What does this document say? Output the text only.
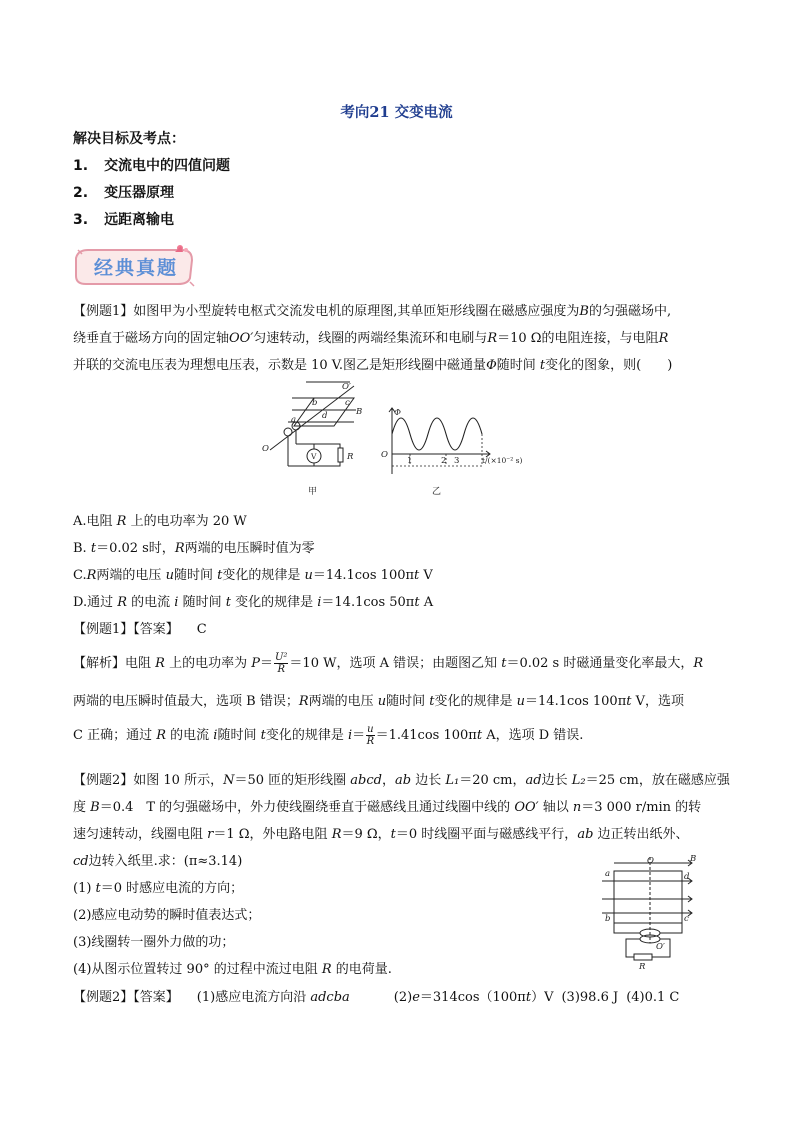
考向21 交变电流
解决目标及考点：
1. 交流电中的四值问题
2. 变压器原理
3. 远距离输电
经典真题
【例题1】如图甲为小型旋转电枢式交流发电机的原理图,其单匝矩形线圈在磁感应强度为B的匀强磁场中,
绕垂直于磁场方向的固定轴OO′匀速转动，线圈的两端经集流环和电刷与R＝10 Ω的电阻连接，与电阻R
并联的交流电压表为理想电压表，示数是 10 V.图乙是矩形线圈中磁通量Φ随时间 t变化的图象，则(　　)
O′
c
b
B
d
a
O
V	R
甲
Φ
O
1	2 3	t/(×10⁻² s)
乙
A.电阻 R 上的电功率为 20 W
B. t＝0.02 s时，R两端的电压瞬时值为零
C.R两端的电压 u随时间 t变化的规律是 u＝14.1cos 100πt V
D.通过 R 的电流 i 随时间 t 变化的规律是 i＝14.1cos 50πt A
【例题1】【答案】 C
【解析】电阻 R 上的电功率为 $P= \frac{\text{U²}}{R} =10$ W，选项 A 错误；由题图乙知 t＝0.02 s 时磁通量变化率最大，R
两端的电压瞬时值最大，选项 B 错误；R两端的电压 u随时间 t变化的规律是 u＝14.1cos 100πt V，选项
C 正确；通过 R 的电流 i随时间 t变化的规律是 $i= \frac{u}{R} =1.41\cos$ 100πt A，选项 D 错误.
【例题2】如图 10 所示，N＝50 匝的矩形线圈 abcd，ab 边长 L₁＝20 cm，ad边长 L₂＝25 cm，放在磁感应强
度 B＝0.4　T 的匀强磁场中，外力使线圈绕垂直于磁感线且通过线圈中线的 OO′ 轴以 n＝3 000 r/min 的转
速匀速转动，线圈电阻 r＝1 Ω，外电路电阻 R＝9 Ω，t＝0 时线圈平面与磁感线平行，ab 边正转出纸外、
cd边转入纸里.求：(π≈3.14)
(1) t＝0 时感应电流的方向；
(2)感应电动势的瞬时值表达式；
(3)线圈转一圈外力做的功；
(4)从图示位置转过 90° 的过程中流过电阻 R 的电荷量.
O	B
a	d
b	c
O′
R
【例题2】【答案】 (1)感应电流方向沿 adcba	(2)e＝314cos（100πt）V (3)98.6 J (4)0.1 C
